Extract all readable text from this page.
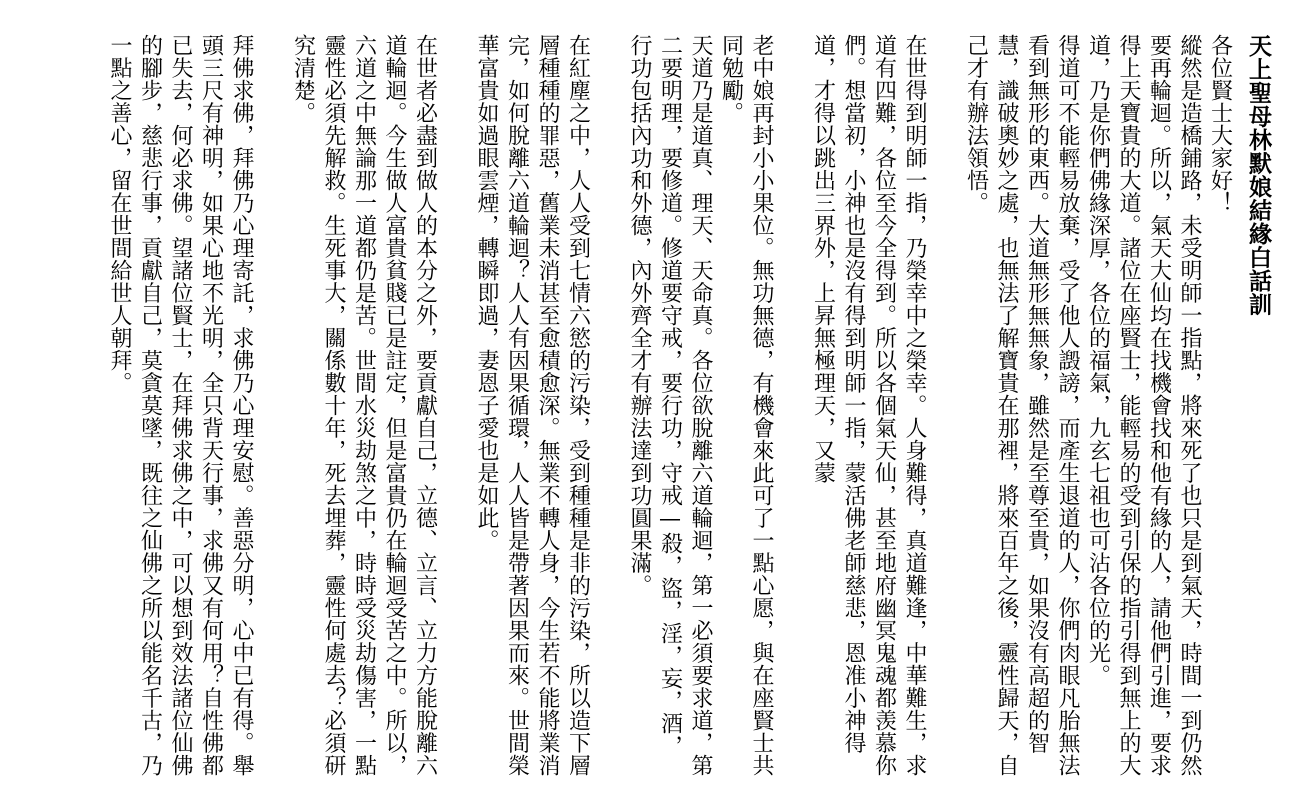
天上聖母林默娘結緣白話訓

各位賢士大家好！

縱然是造橋鋪路，未受明師一指點，將來死了也只是到氣天，時間一到仍然要再輪迴。所以，氣天大仙均在找機會找和他有緣的人，請他們引進，要求得上天寶貴的大道。諸位在座賢士，能輕易的受到引保的指引得到無上的大道，乃是你們佛緣深厚，各位的福氣，九玄七祖也可沾各位的光。

得道可不能輕易放棄，受了他人譭謗，而產生退道的人，你們肉眼凡胎無法看到無形的東西。大道無形無無象，雖然是至尊至貴，如果沒有高超的智慧，識破奧妙之處，也無法了解寶貴在那裡，將來百年之後，靈性歸天，自己才有辦法領悟。

在世得到明師一指，乃榮幸中之榮幸。人身難得，真道難逢，中華難生，求道有四難，各位至今全得到。所以各個氣天仙，甚至地府幽冥鬼魂都羡慕你們。想當初，小神也是沒有得到明師一指，蒙活佛老師慈悲，恩准小神得道，才得以跳出三界外，上昇無極理天，又蒙

老中娘再封小小果位。無功無德，有機會來此可了一點心愿，與在座賢士共同勉勵。

天道乃是道真、理天、天命真。各位欲脫離六道輪迴，第一必須要求道，第二要明理，要修道。修道要守戒，要行功，守戒—殺，盜，淫，妄，酒，行功包括內功和外德，內外齊全才有辦法達到功圓果滿。

在紅塵之中，人人受到七情六慾的污染，受到種種是非的污染，所以造下層層種種的罪惡，舊業未消甚至愈積愈深。無業不轉人身，今生若不能將業消完，如何脫離六道輪迴？人人有因果循環，人人皆是帶著因果而來。世間榮華富貴如過眼雲煙，轉瞬即過，妻恩子愛也是如此。

在世者必盡到做人的本分之外，要貢獻自己，立德、立言、立力方能脫離六道輪迴。今生做人富貴貧賤已是註定，但是富貴仍在輪迴受苦之中。所以，六道之中無論那一道都仍是苦。世間水災劫煞之中，時時受災劫傷害，一點靈性必須先解救。生死事大，關係數十年，死去埋葬，靈性何處去？必須研究清楚。

拜佛求佛，拜佛乃心理寄託，求佛乃心理安慰。善惡分明，心中已有得。舉頭三尺有神明，如果心地不光明，全只背天行事，求佛又有何用？自性佛都已失去，何必求佛。望諸位賢士，在拜佛求佛之中，可以想到效法諸位仙佛的腳步，慈悲行事，貢獻自己，莫貪莫墜，既往之仙佛之所以能名千古，乃一點之善心，留在世間給世人朝拜。
